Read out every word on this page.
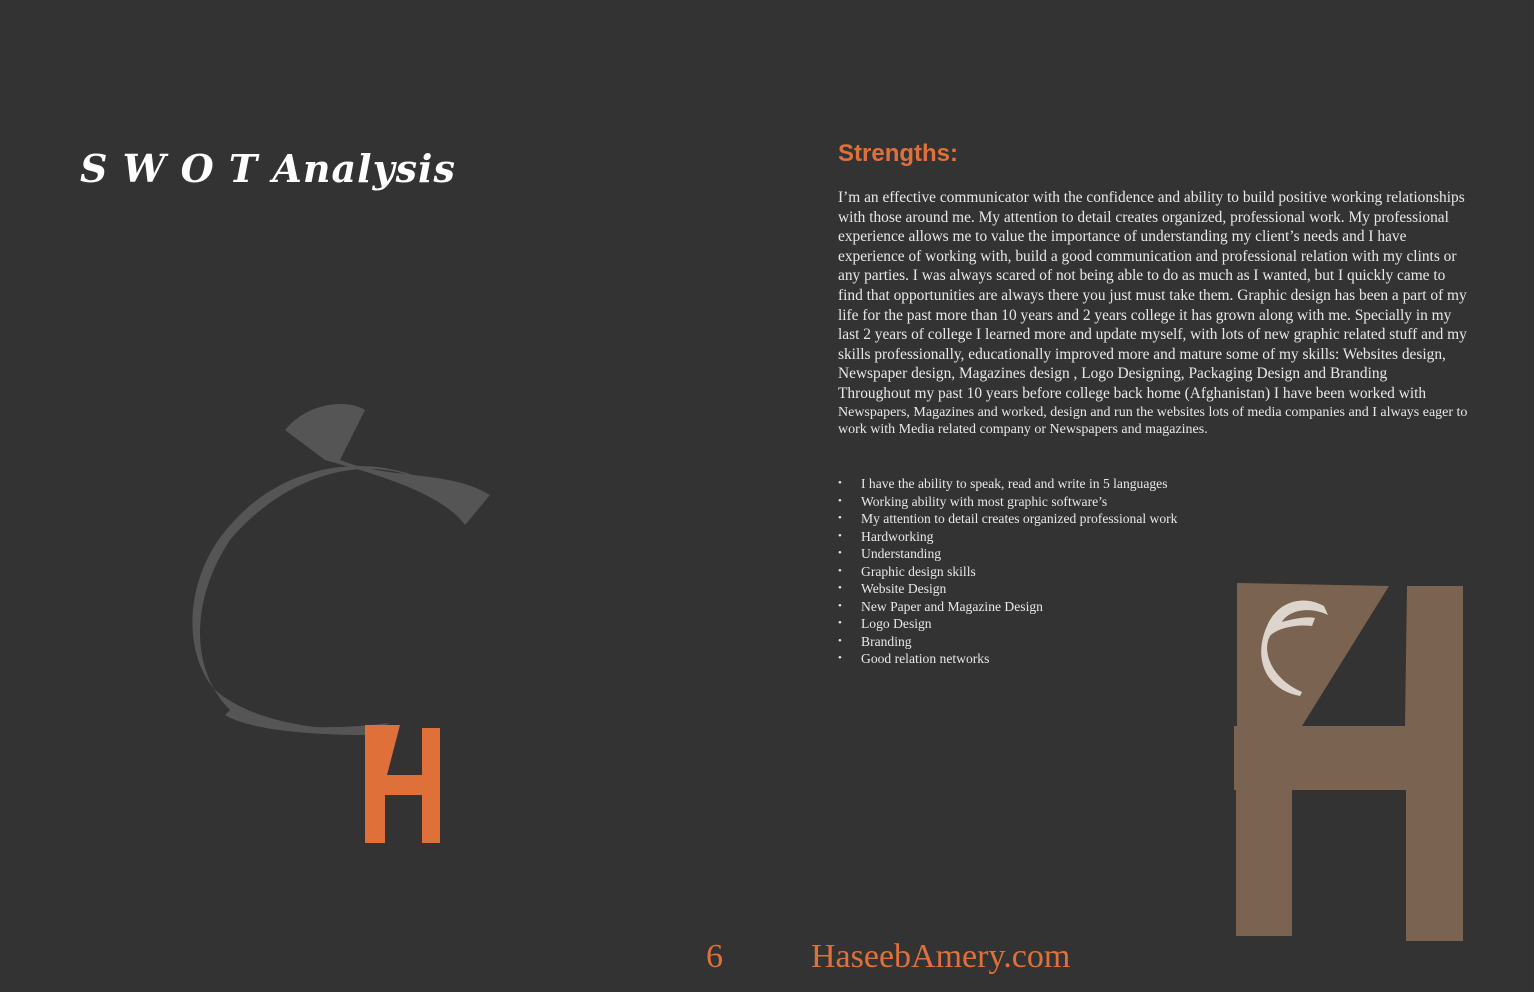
S W O T Analysis	Strengths:

I’m an effective communicator with the confidence and ability to build positive working relationships with those around me. My attention to detail creates organized, professional work. My professional experience allows me to value the importance of understanding my client’s needs and I have experience of working with, build a good communication and professional relation with my clints or any parties. I was always scared of not being able to do as much as I wanted, but I quickly came to find that opportunities are always there you just must take them. Graphic design has been a part of my life for the past more than 10 years and 2 years college it has grown along with me. Specially in my last 2 years of college I learned more and update myself, with lots of new graphic related stuff and my skills professionally, educationally improved more and mature some of my skills: Websites design, Newspaper design, Magazines design , Logo Designing, Packaging Design and Branding

Throughout my past 10 years before college back home (Afghanistan) I have been worked with

Newspapers, Magazines and worked, design and run the websites lots of media companies and I always eager to work with Media related company or Newspapers and magazines.

• I have the ability to speak, read and write in 5 languages
• Working ability with most graphic software’s
• My attention to detail creates organized professional work
• Hardworking
• Understanding
• Graphic design skills
• Website Design
• New Paper and Magazine Design
• Logo Design
• Branding
• Good relation networks
6	HaseebAmery.com
